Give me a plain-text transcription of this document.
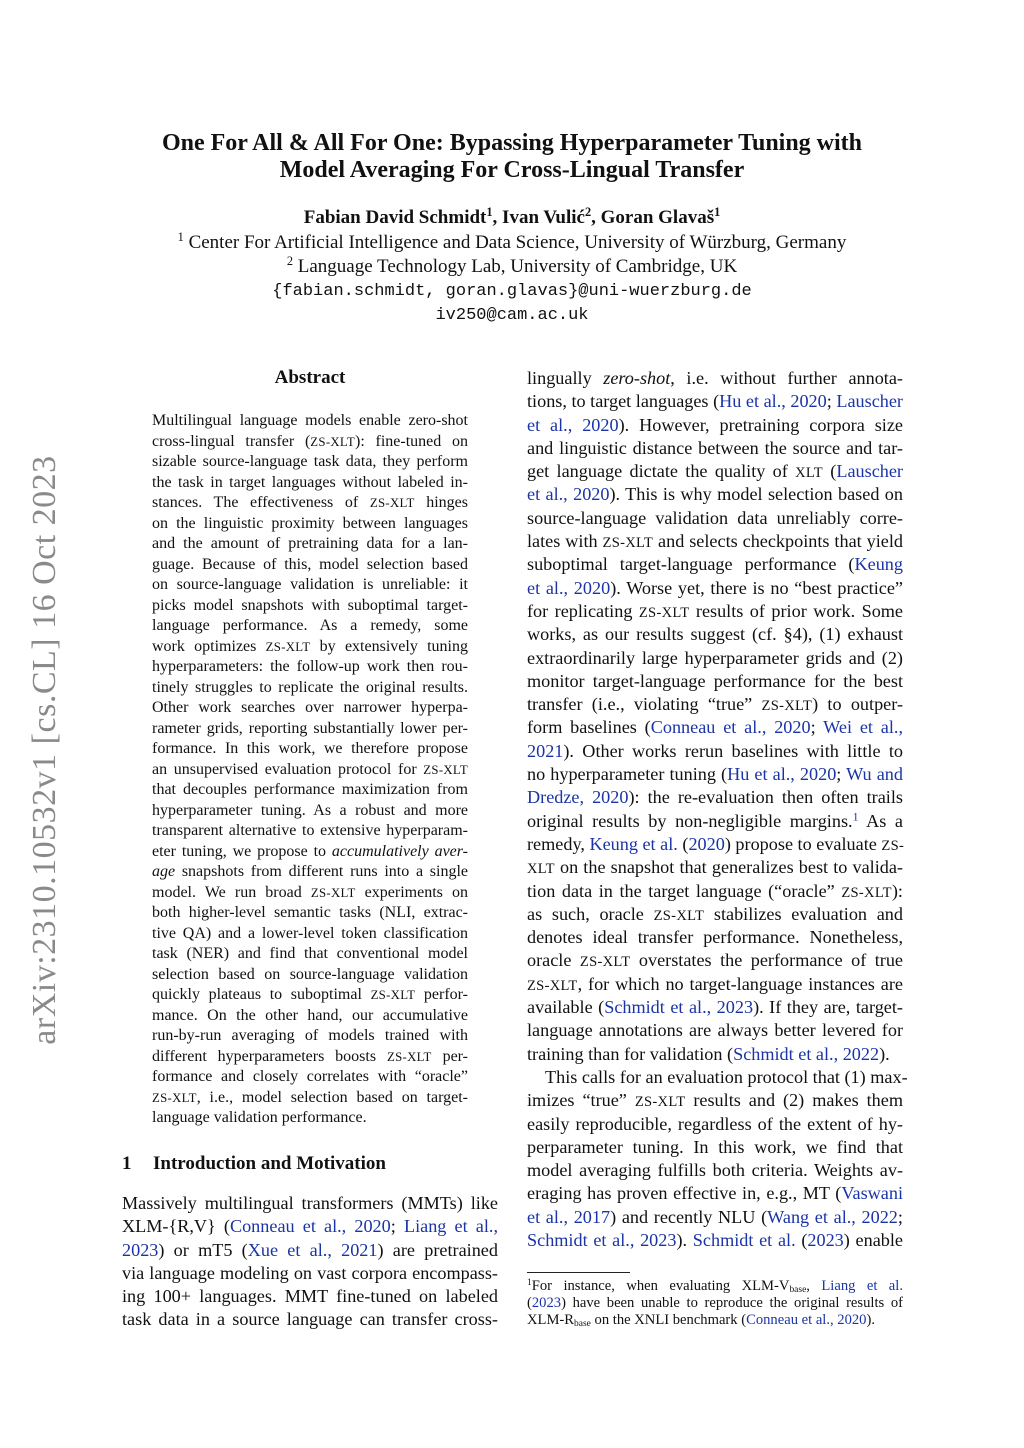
arXiv:2310.10532v1 [cs.CL] 16 Oct 2023
One For All & All For One: Bypassing Hyperparameter Tuning with
Model Averaging For Cross-Lingual Transfer
Fabian David Schmidt$^1$, Ivan Vulić$^2$, Goran Glavaš$^1$
$^1$ Center For Artificial Intelligence and Data Science, University of Würzburg, Germany
$^2$ Language Technology Lab, University of Cambridge, UK
{fabian.schmidt, goran.glavas}@uni-wuerzburg.de
iv250@cam.ac.uk
Abstract
Multilingual language models enable zero-shot
cross-lingual transfer (ZS-XLT): fine-tuned on
sizable source-language task data, they perform
the task in target languages without labeled in-
stances. The effectiveness of ZS-XLT hinges
on the linguistic proximity between languages
and the amount of pretraining data for a lan-
guage. Because of this, model selection based
on source-language validation is unreliable: it
picks model snapshots with suboptimal target-
language performance. As a remedy, some
work optimizes ZS-XLT by extensively tuning
hyperparameters: the follow-up work then rou-
tinely struggles to replicate the original results.
Other work searches over narrower hyperpa-
rameter grids, reporting substantially lower per-
formance. In this work, we therefore propose
an unsupervised evaluation protocol for ZS-XLT
that decouples performance maximization from
hyperparameter tuning. As a robust and more
transparent alternative to extensive hyperparam-
eter tuning, we propose to accumulatively aver-
age snapshots from different runs into a single
model. We run broad ZS-XLT experiments on
both higher-level semantic tasks (NLI, extrac-
tive QA) and a lower-level token classification
task (NER) and find that conventional model
selection based on source-language validation
quickly plateaus to suboptimal ZS-XLT perfor-
mance. On the other hand, our accumulative
run-by-run averaging of models trained with
different hyperparameters boosts ZS-XLT per-
formance and closely correlates with “oracle”
ZS-XLT, i.e., model selection based on target-
language validation performance.
1 Introduction and Motivation
Massively multilingual transformers (MMTs) like
XLM-{R,V} (Conneau et al., 2020; Liang et al.,
2023) or mT5 (Xue et al., 2021) are pretrained
via language modeling on vast corpora encompass-
ing 100+ languages. MMT fine-tuned on labeled
task data in a source language can transfer cross-
lingually zero-shot, i.e. without further annota-
tions, to target languages (Hu et al., 2020; Lauscher
et al., 2020). However, pretraining corpora size
and linguistic distance between the source and tar-
get language dictate the quality of XLT (Lauscher
et al., 2020). This is why model selection based on
source-language validation data unreliably corre-
lates with ZS-XLT and selects checkpoints that yield
suboptimal target-language performance (Keung
et al., 2020). Worse yet, there is no “best practice”
for replicating ZS-XLT results of prior work. Some
works, as our results suggest (cf. §4), (1) exhaust
extraordinarily large hyperparameter grids and (2)
monitor target-language performance for the best
transfer (i.e., violating “true” ZS-XLT) to outper-
form baselines (Conneau et al., 2020; Wei et al.,
2021). Other works rerun baselines with little to
no hyperparameter tuning (Hu et al., 2020; Wu and
Dredze, 2020): the re-evaluation then often trails
original results by non-negligible margins.$^1$ As a
remedy, Keung et al. (2020) propose to evaluate ZS-
XLT on the snapshot that generalizes best to valida-
tion data in the target language (“oracle” ZS-XLT):
as such, oracle ZS-XLT stabilizes evaluation and
denotes ideal transfer performance. Nonetheless,
oracle ZS-XLT overstates the performance of true
ZS-XLT, for which no target-language instances are
available (Schmidt et al., 2023). If they are, target-
language annotations are always better levered for
training than for validation (Schmidt et al., 2022).
This calls for an evaluation protocol that (1) max-
imizes “true” ZS-XLT results and (2) makes them
easily reproducible, regardless of the extent of hy-
perparameter tuning. In this work, we find that
model averaging fulfills both criteria. Weights av-
eraging has proven effective in, e.g., MT (Vaswani
et al., 2017) and recently NLU (Wang et al., 2022;
Schmidt et al., 2023). Schmidt et al. (2023) enable
$^1$For instance, when evaluating XLM-$V_{base}$, Liang et al.
(2023) have been unable to reproduce the original results of
XLM-$R_{base}$ on the XNLI benchmark (Conneau et al., 2020).
